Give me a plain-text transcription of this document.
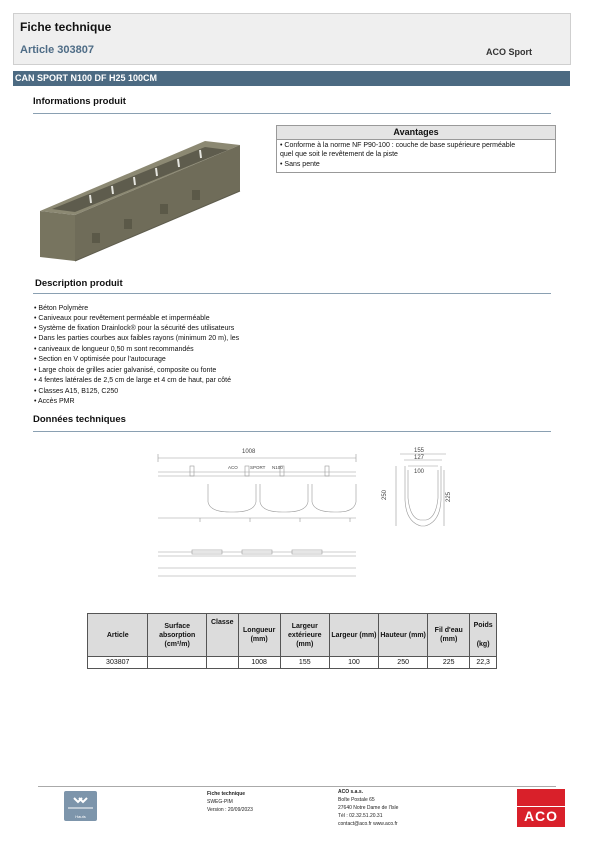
Fiche technique
Article 303807	ACO Sport
CAN SPORT N100 DF H25 100CM
Informations produit
Avantages
• Conforme à la norme NF P90-100 : couche de base supérieure perméable
quel que soit le revêtement de la piste
• Sans pente
Description produit
• Béton Polymère
• Caniveaux pour revêtement perméable et imperméable
• Système de fixation Drainlock® pour la sécurité des utilisateurs
• Dans les parties courbes aux faibles rayons (minimum 20 m), les
• caniveaux de longueur 0,50 m sont recommandés
• Section en V optimisée pour l'autocurage
• Large choix de grilles acier galvanisé, composite ou fonte
• 4 fentes latérales de 2,5 cm de large et 4 cm de haut, par côté
• Classes A15, B125, C250
• Accès PMR
Données techniques
1008
ACO	SPORT N100
155
127
100
250	225
Article	Surface absorption (cm²/m)	Classe	Longueur (mm)	Largeur extérieure (mm)	Largeur (mm)	Hauteur (mm)	Fil d'eau (mm)	Poids
(kg)

303807			1008	155	100	250	225	22,3
Hauts
Fiche technique
SWEG-PIM
Version : 20/09/2023
ACO s.a.s.
Boîte Postale 65
27640 Notre Dame de l'Isle
Tél : 02.32.51.20.31
contact@aco.fr www.aco.fr	ACO
